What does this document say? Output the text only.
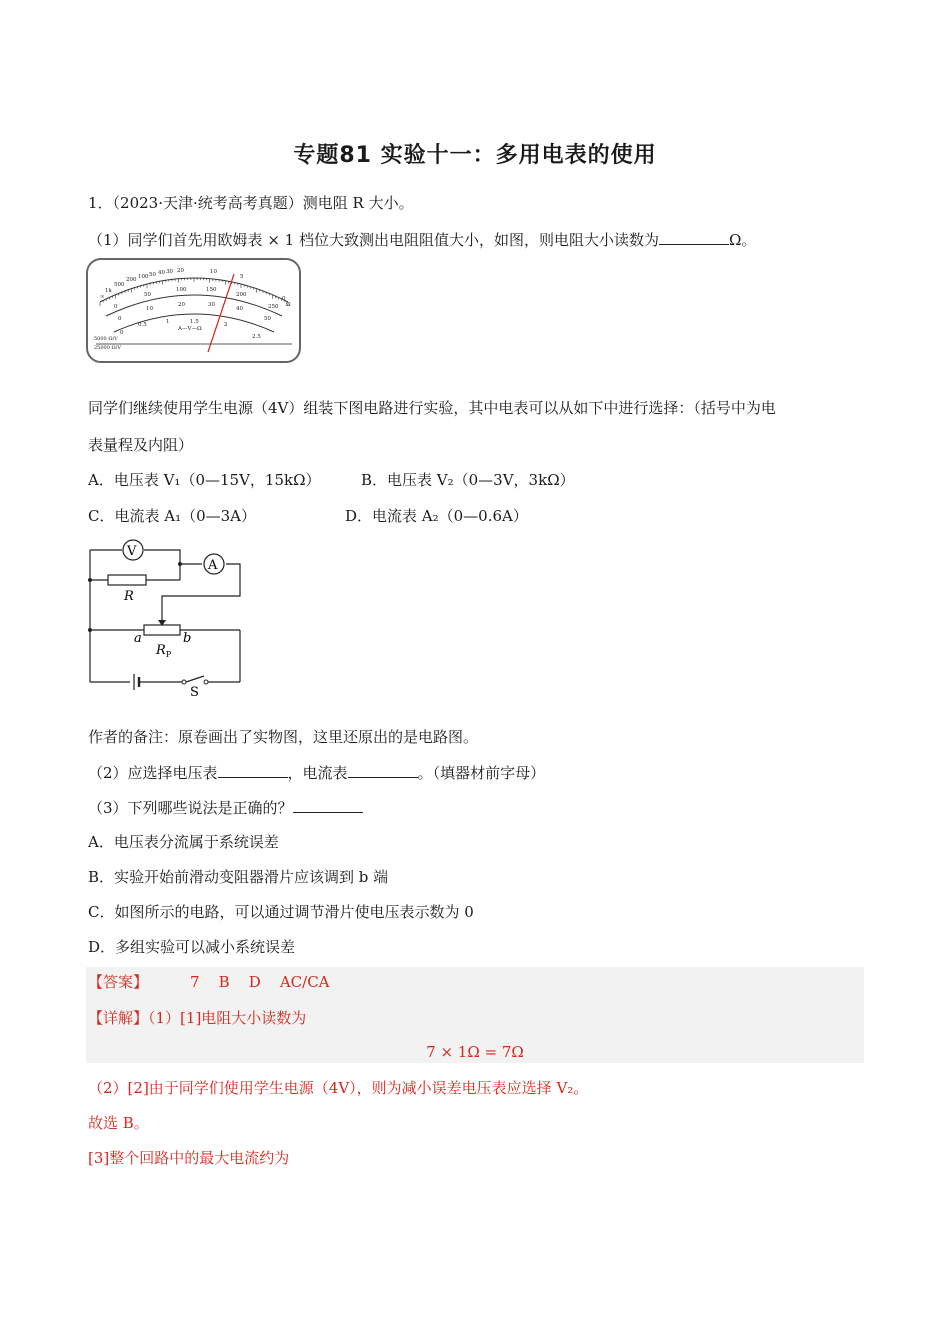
专题81 实验十一：多用电表的使用
1．（2023·天津·统考高考真题）测电阻 R 大小。
（1）同学们首先用欧姆表 × 1 档位大致测出电阻阻值大小，如图，则电阻大小读数为	Ω。
∞
1k
500
200 100 50 40 30 20	10
5
0
Ω
0
50
100	150
200
250
0
10
20	30
40
50
0
0.5	1	1.5	2
2.5
A—V—Ω
5000 Ω/V
25000 Ω/V
同学们继续使用学生电源（4V）组装下图电路进行实验，其中电表可以从如下中进行选择：（括号中为电
表量程及内阻）
A．电压表 V₁（0—15V，15kΩ）	B．电压表 V₂（0—3V，3kΩ）
C．电流表 A₁（0—3A）	D．电流表 A₂（0—0.6A）
V
A
R
a	b
$R_P$
S
作者的备注：原卷画出了实物图，这里还原出的是电路图。
（2）应选择电压表	，电流表	。（填器材前字母）
（3）下列哪些说法是正确的？
A．电压表分流属于系统误差
B．实验开始前滑动变阻器滑片应该调到 b 端
C．如图所示的电路，可以通过调节滑片使电压表示数为 0
D．多组实验可以减小系统误差
【答案】	7    B    D    AC/CA
【详解】（1）[1]电阻大小读数为
7 × 1Ω = 7Ω
（2）[2]由于同学们使用学生电源（4V），则为减小误差电压表应选择 V₂。
故选 B。
[3]整个回路中的最大电流约为
